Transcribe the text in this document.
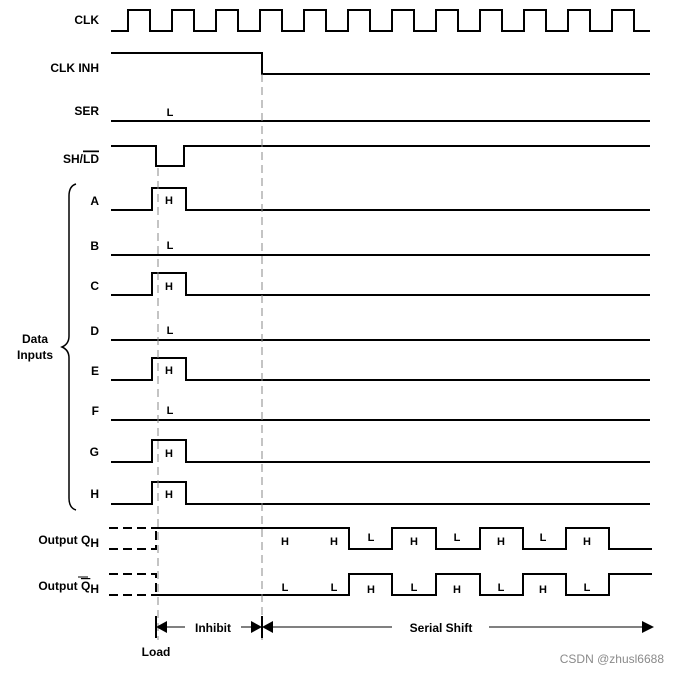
CLK
CLK INH
SER	L
SH/LD
Data
Inputs
A	H
B	L
C	H
D	L
E	H
F	L
G	H
H	H
Output QH	H	H	L	H	L	H	L	H
Output QH	L	L	H	L	H	L	H	L
Inhibit	Serial Shift
Load	CSDN @zhusl6688
